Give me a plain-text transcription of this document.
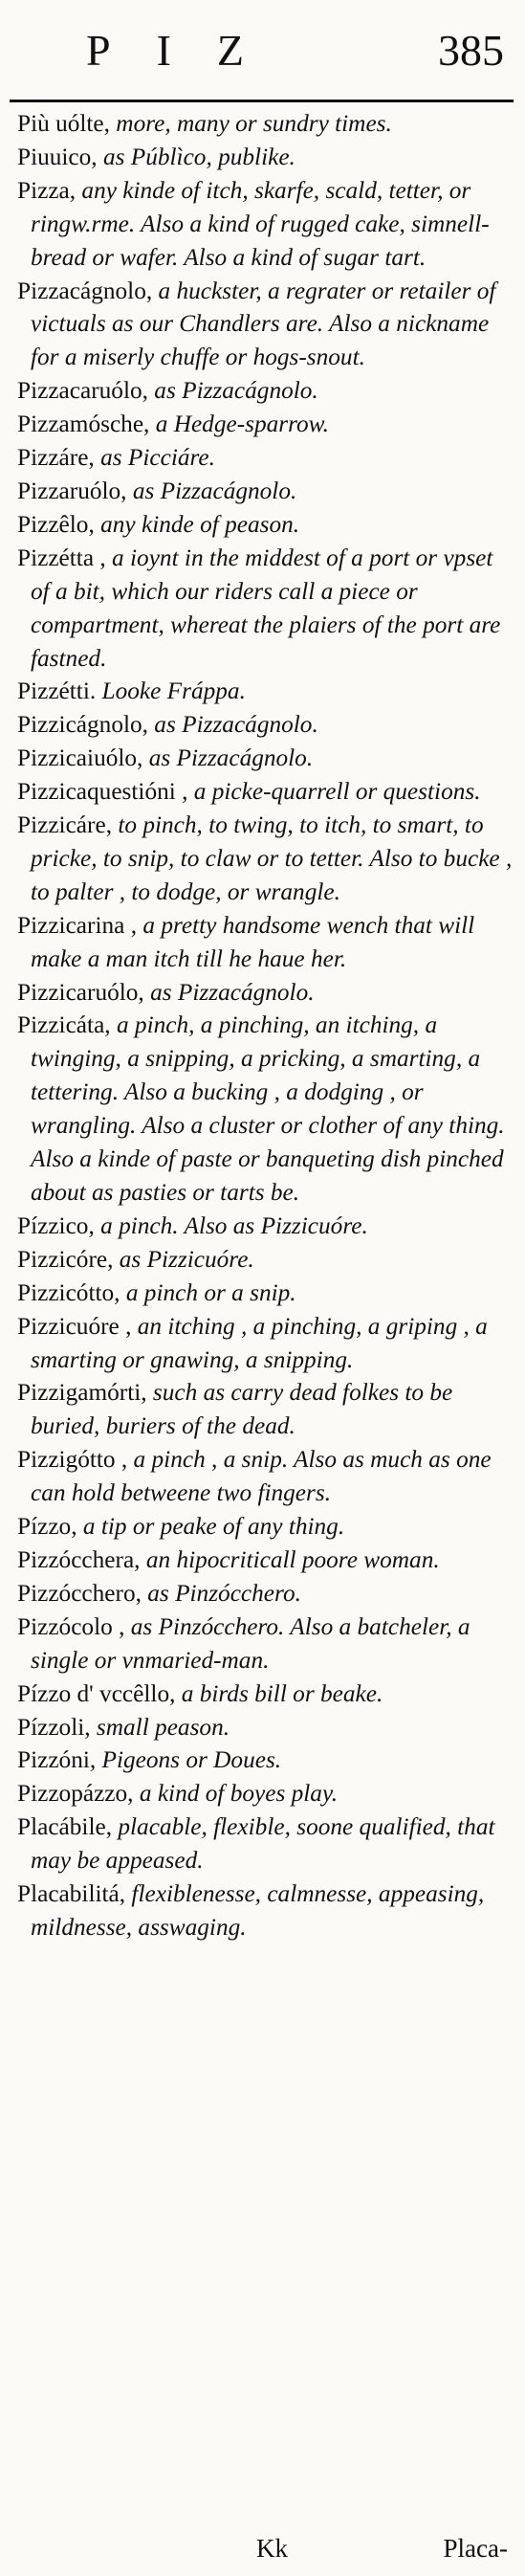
PIZ	385

Più uólte, more, many or sundry times.

Piuuico, as Públìco, publike.

Pizza, any kinde of itch, skarfe, scald, tetter, or ringw.rme. Also a kind of rugged cake, simnell-bread or wafer. Also a kind of sugar tart.

Pizzacágnolo, a huckster, a regrater or retailer of victuals as our Chandlers are. Also a nickname for a miserly chuffe or hogs-snout.

Pizzacaruólo, as Pizzacágnolo.

Pizzamósche, a Hedge-sparrow.

Pizzáre, as Picciáre.

Pizzaruólo, as Pizzacágnolo.

Pizzêlo, any kinde of peason.

Pizzétta , a ioynt in the middest of a port or vpset of a bit, which our riders call a piece or compartment, whereat the plaiers of the port are fastned.

Pizzétti. Looke Fráppa.

Pizzicágnolo, as Pizzacágnolo.

Pizzicaiuólo, as Pizzacágnolo.

Pizzicaquestióni , a picke-quarrell or questions.

Pizzicáre, to pinch, to twing, to itch, to smart, to pricke, to snip, to claw or to tetter. Also to bucke , to palter , to dodge, or wrangle.

Pizzicarina , a pretty handsome wench that will make a man itch till he haue her.

Pizzicaruólo, as Pizzacágnolo.

Pizzicáta, a pinch, a pinching, an itching, a twinging, a snipping, a pricking, a smarting, a tettering. Also a bucking , a dodging , or wrangling. Also a cluster or clother of any thing. Also a kinde of paste or banqueting dish pinched about as pasties or tarts be.

Pízzico, a pinch. Also as Pizzicuóre.

Pizzicóre, as Pizzicuóre.

Pizzicótto, a pinch or a snip.

Pizzicuóre , an itching , a pinching, a griping , a smarting or gnawing, a snipping.

Pizzigamórti, such as carry dead folkes to be buried, buriers of the dead.

Pizzigótto , a pinch , a snip. Also as much as one can hold betweene two fingers.

Pízzo, a tip or peake of any thing.

Pizzócchera, an hipocriticall poore woman.

Pizzócchero, as Pinzócchero.

Pizzócolo , as Pinzócchero. Also a batcheler, a single or vnmaried-man.

Pízzo d' vccêllo, a birds bill or beake.

Pízzoli, small peason.

Pizzóni, Pigeons or Doues.

Pizzopázzo, a kind of boyes play.

Placábile, placable, flexible, soone qualified, that may be appeased.

Placabilitá, flexiblenesse, calmnesse, appeasing, mildnesse, asswaging.

Kk	Placa-
